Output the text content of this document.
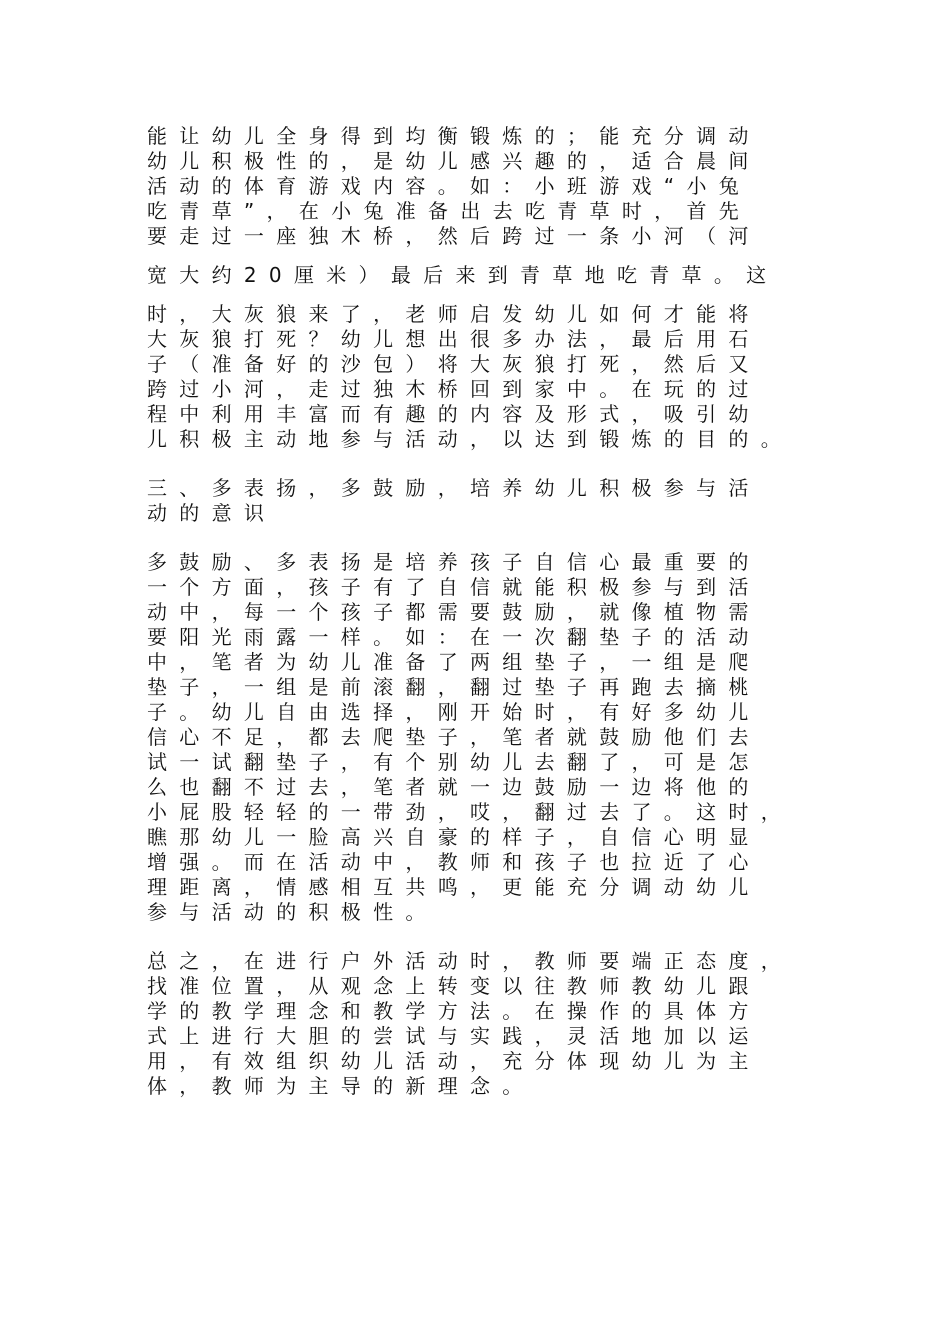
能让幼儿全身得到均衡锻炼的；能充分调动
幼儿积极性的，是幼儿感兴趣的，适合晨间
活动的体育游戏内容。如：小班游戏“小兔
吃青草”，在小兔准备出去吃青草时，首先
要走过一座独木桥，然后跨过一条小河（河
宽大约20厘米）最后来到青草地吃青草。这
时，大灰狼来了，老师启发幼儿如何才能将
大灰狼打死？幼儿想出很多办法，最后用石
子（准备好的沙包）将大灰狼打死，然后又
跨过小河，走过独木桥回到家中。在玩的过
程中利用丰富而有趣的内容及形式，吸引幼
儿积极主动地参与活动，以达到锻炼的目的。
三、多表扬，多鼓励，培养幼儿积极参与活
动的意识
多鼓励、多表扬是培养孩子自信心最重要的
一个方面，孩子有了自信就能积极参与到活
动中，每一个孩子都需要鼓励，就像植物需
要阳光雨露一样。如：在一次翻垫子的活动
中，笔者为幼儿准备了两组垫子，一组是爬
垫子，一组是前滚翻，翻过垫子再跑去摘桃
子。幼儿自由选择，刚开始时，有好多幼儿
信心不足，都去爬垫子，笔者就鼓励他们去
试一试翻垫子，有个别幼儿去翻了，可是怎
么也翻不过去，笔者就一边鼓励一边将他的
小屁股轻轻的一带劲，哎，翻过去了。这时，
瞧那幼儿一脸高兴自豪的样子，自信心明显
增强。而在活动中，教师和孩子也拉近了心
理距离，情感相互共鸣，更能充分调动幼儿
参与活动的积极性。
总之，在进行户外活动时，教师要端正态度，
找准位置，从观念上转变以往教师教幼儿跟
学的教学理念和教学方法。在操作的具体方
式上进行大胆的尝试与实践，灵活地加以运
用，有效组织幼儿活动，充分体现幼儿为主
体，教师为主导的新理念。
